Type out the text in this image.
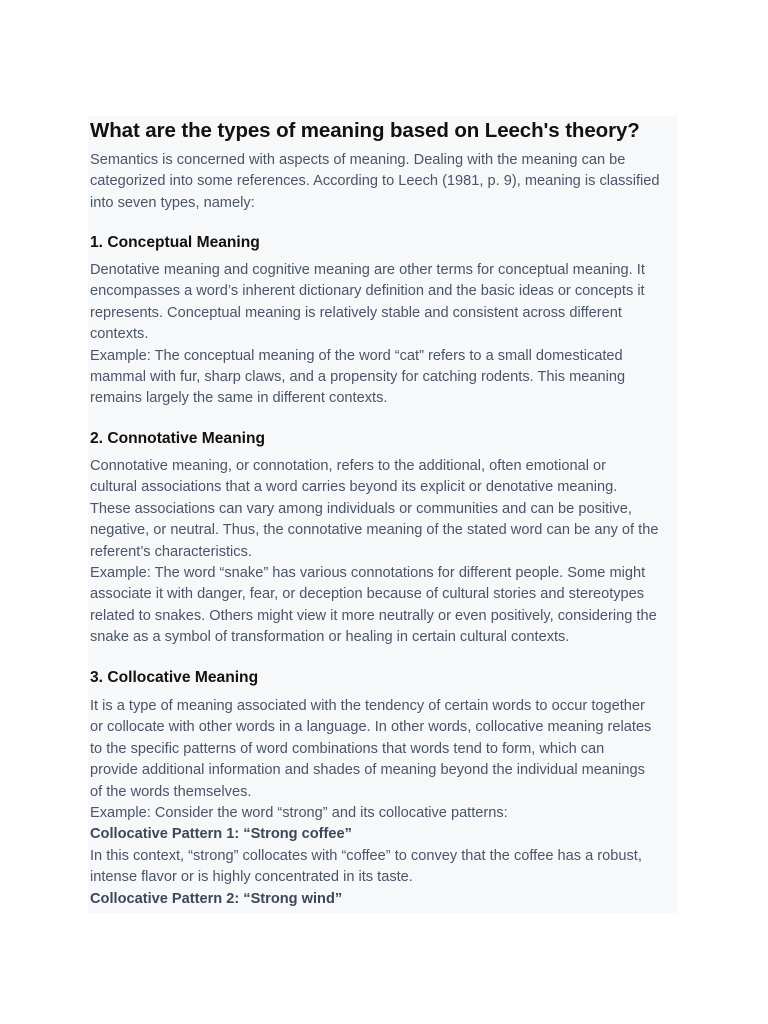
What are the types of meaning based on Leech's theory?

Semantics is concerned with aspects of meaning. Dealing with the meaning can be
categorized into some references. According to Leech (1981, p. 9), meaning is classified
into seven types, namely:

1. Conceptual Meaning

Denotative meaning and cognitive meaning are other terms for conceptual meaning. It
encompasses a word’s inherent dictionary definition and the basic ideas or concepts it
represents. Conceptual meaning is relatively stable and consistent across different
contexts.
Example: The conceptual meaning of the word “cat” refers to a small domesticated
mammal with fur, sharp claws, and a propensity for catching rodents. This meaning
remains largely the same in different contexts.

2. Connotative Meaning

Connotative meaning, or connotation, refers to the additional, often emotional or
cultural associations that a word carries beyond its explicit or denotative meaning.
These associations can vary among individuals or communities and can be positive,
negative, or neutral. Thus, the connotative meaning of the stated word can be any of the
referent’s characteristics.
Example: The word “snake” has various connotations for different people. Some might
associate it with danger, fear, or deception because of cultural stories and stereotypes
related to snakes. Others might view it more neutrally or even positively, considering the
snake as a symbol of transformation or healing in certain cultural contexts.

3. Collocative Meaning

It is a type of meaning associated with the tendency of certain words to occur together
or collocate with other words in a language. In other words, collocative meaning relates
to the specific patterns of word combinations that words tend to form, which can
provide additional information and shades of meaning beyond the individual meanings
of the words themselves.
Example: Consider the word “strong” and its collocative patterns:
Collocative Pattern 1: “Strong coffee”
In this context, “strong” collocates with “coffee” to convey that the coffee has a robust,
intense flavor or is highly concentrated in its taste.
Collocative Pattern 2: “Strong wind”
